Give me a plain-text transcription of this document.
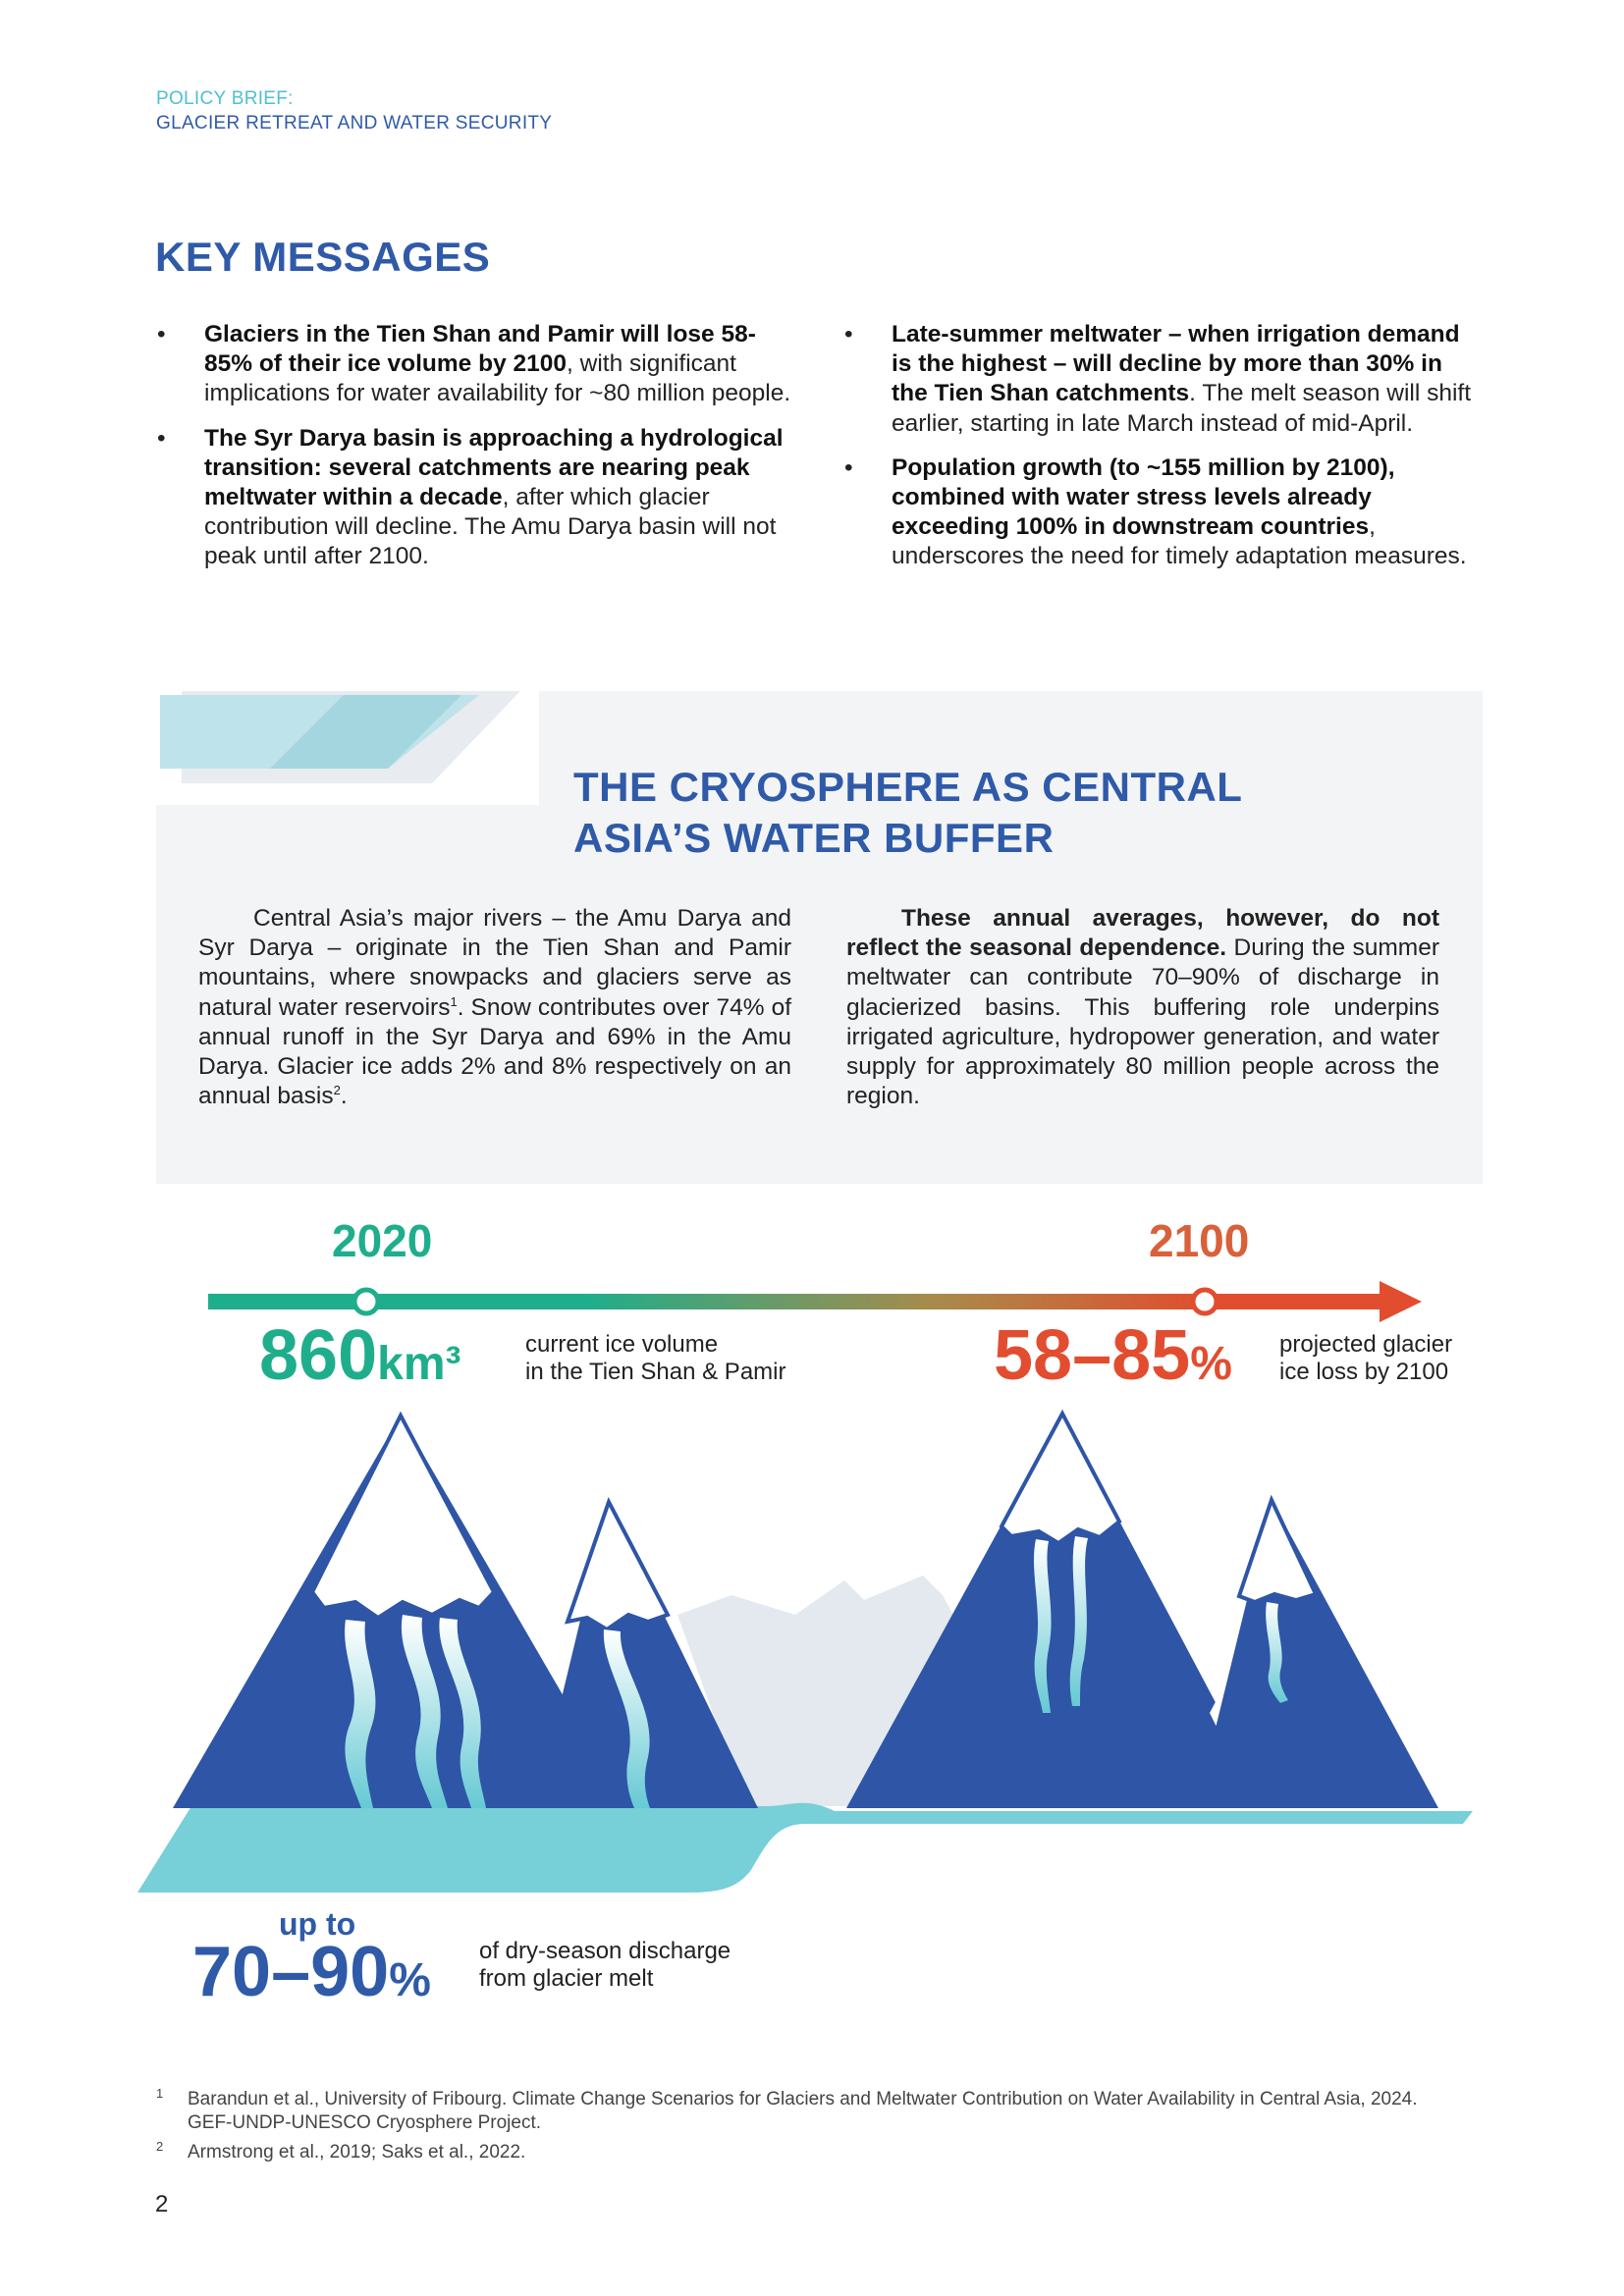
POLICY BRIEF:
GLACIER RETREAT AND WATER SECURITY
KEY MESSAGES
• Glaciers in the Tien Shan and Pamir will lose 58-85% of their ice volume by 2100, with significant implications for water availability for ~80 million people.
• The Syr Darya basin is approaching a hydrological transition: several catchments are nearing peak meltwater within a decade, after which glacier contribution will decline. The Amu Darya basin will not peak until after 2100.
• Late-summer meltwater – when irrigation demand is the highest – will decline by more than 30% in the Tien Shan catchments. The melt season will shift earlier, starting in late March instead of mid-April.
• Population growth (to ~155 million by 2100), combined with water stress levels already exceeding 100% in downstream countries, underscores the need for timely adaptation measures.
THE CRYOSPHERE AS CENTRAL
ASIA’S WATER BUFFER

Central Asia’s major rivers – the Amu Darya and Syr Darya – originate in the Tien Shan and Pamir mountains, where snowpacks and glaciers serve as natural water reservoirs$^1$. Snow contributes over 74% of annual runoff in the Syr Darya and 69% in the Amu Darya. Glacier ice adds 2% and 8% respectively on an annual basis$^2$.

These annual averages, however, do not reflect the seasonal dependence. During the summer meltwater can contribute 70–90% of discharge in glacierized basins. This buffering role underpins irrigated agriculture, hydropower generation, and water supply for approximately 80 million people across the region.

2020	2100
860km³	current ice volume
in the Tien Shan & Pamir	58–85% projected glacier
ice loss by 2100
up to
70–90%
of dry-season discharge
from glacier melt
1 Barandun et al., University of Fribourg. Climate Change Scenarios for Glaciers and Meltwater Contribution on Water Availability in Central Asia, 2024. GEF-UNDP-UNESCO Cryosphere Project.
2 Armstrong et al., 2019; Saks et al., 2022.
2
